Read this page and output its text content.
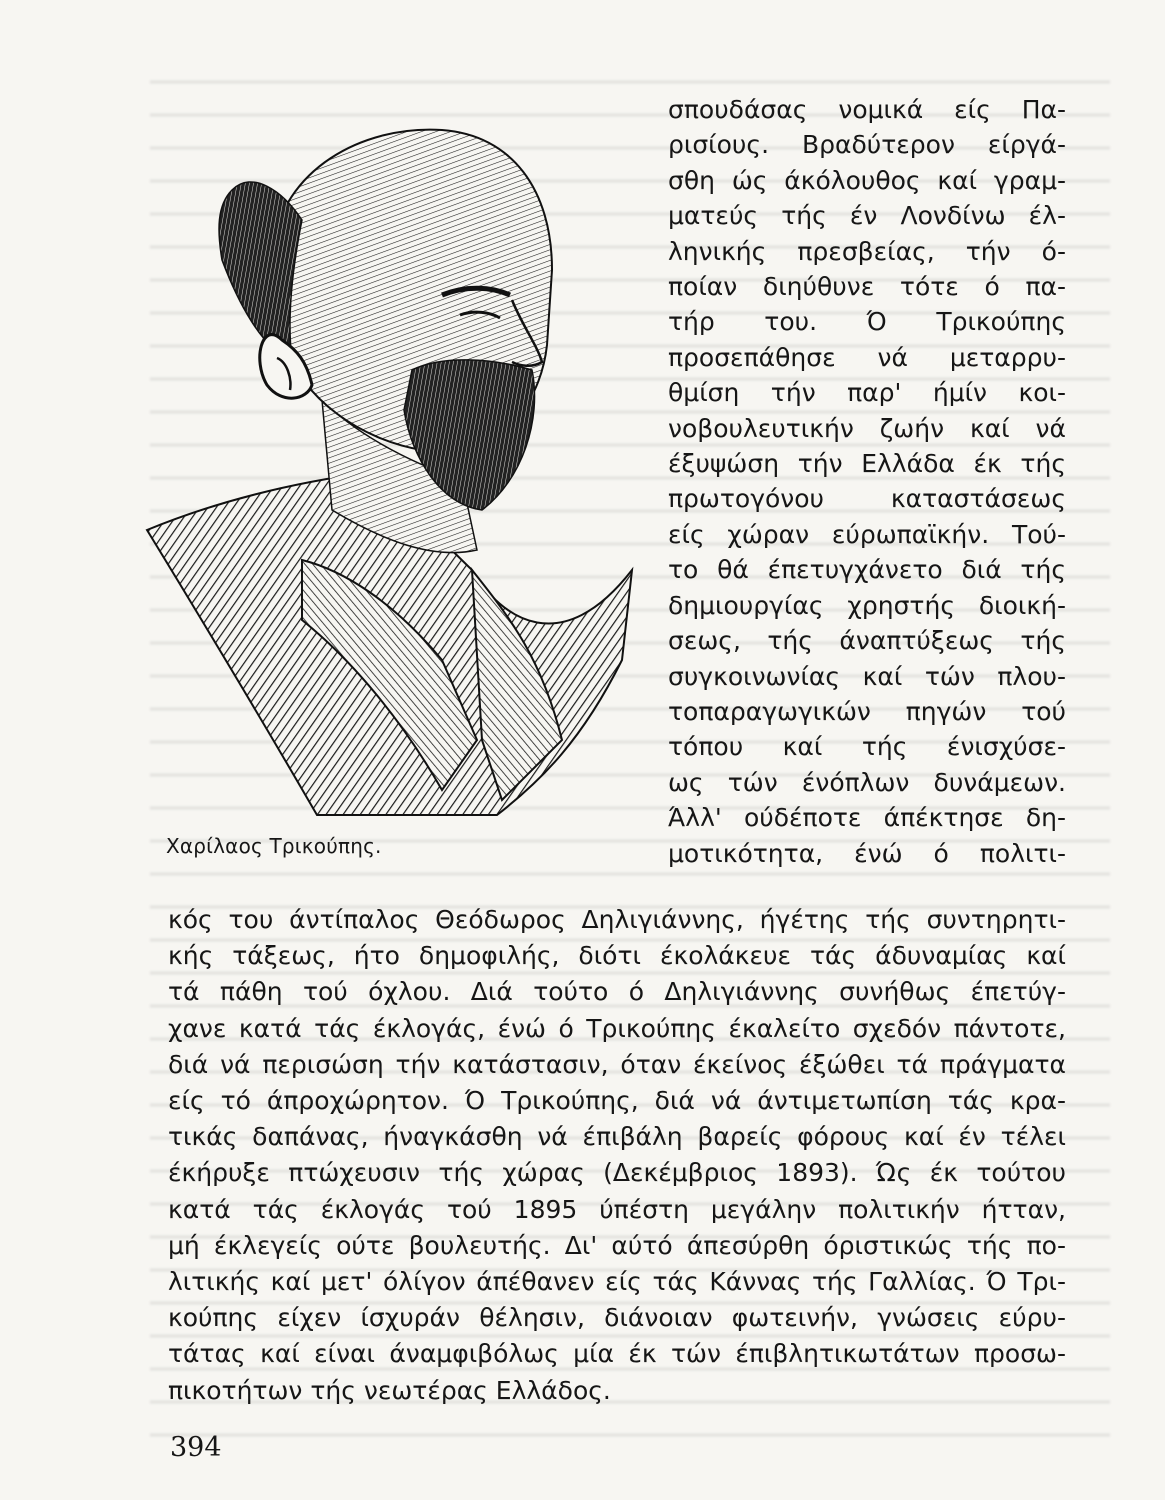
Χαρίλαος Τρικούπης.
σπουδάσας νομικά είς Πα-
ρισίους. Βραδύτερον είργά-
σθη ώς άκόλουθος καί γραμ-
ματεύς τής έν Λονδίνω έλ-
ληνικής πρεσβείας, τήν ό-
ποίαν διηύθυνε τότε ό πα-
τήρ του. Ό Τρικούπης
προσεπάθησε νά μεταρρυ-
θμίση τήν παρ' ήμίν κοι-
νοβουλευτικήν ζωήν καί νά
έξυψώση τήν Ελλάδα έκ τής
πρωτογόνου καταστάσεως
είς χώραν εύρωπαϊκήν. Τού-
το θά έπετυγχάνετο διά τής
δημιουργίας χρηστής διοική-
σεως, τής άναπτύξεως τής
συγκοινωνίας καί τών πλου-
τοπαραγωγικών πηγών τού
τόπου καί τής ένισχύσε-
ως τών ένόπλων δυνάμεων.
Άλλ' ούδέποτε άπέκτησε δη-
μοτικότητα, ένώ ό πολιτι-
κός του άντίπαλος Θεόδωρος Δηλιγιάννης, ήγέτης τής συντηρητι-
κής τάξεως, ήτο δημοφιλής, διότι έκολάκευε τάς άδυναμίας καί
τά πάθη τού όχλου. Διά τούτο ό Δηλιγιάννης συνήθως έπετύγ-
χανε κατά τάς έκλογάς, ένώ ό Τρικούπης έκαλείτο σχεδόν πάντοτε,
διά νά περισώση τήν κατάστασιν, όταν έκείνος έξώθει τά πράγματα
είς τό άπροχώρητον. Ό Τρικούπης, διά νά άντιμετωπίση τάς κρα-
τικάς δαπάνας, ήναγκάσθη νά έπιβάλη βαρείς φόρους καί έν τέλει
έκήρυξε πτώχευσιν τής χώρας (Δεκέμβριος 1893). Ώς έκ τούτου
κατά τάς έκλογάς τού 1895 ύπέστη μεγάλην πολιτικήν ήτταν,
μή έκλεγείς ούτε βουλευτής. Δι' αύτό άπεσύρθη όριστικώς τής πο-
λιτικής καί μετ' όλίγον άπέθανεν είς τάς Κάννας τής Γαλλίας. Ό Τρι-
κούπης είχεν ίσχυράν θέλησιν, διάνοιαν φωτεινήν, γνώσεις εύρυ-
τάτας καί είναι άναμφιβόλως μία έκ τών έπιβλητικωτάτων προσω-
πικοτήτων τής νεωτέρας Ελλάδος.
394
